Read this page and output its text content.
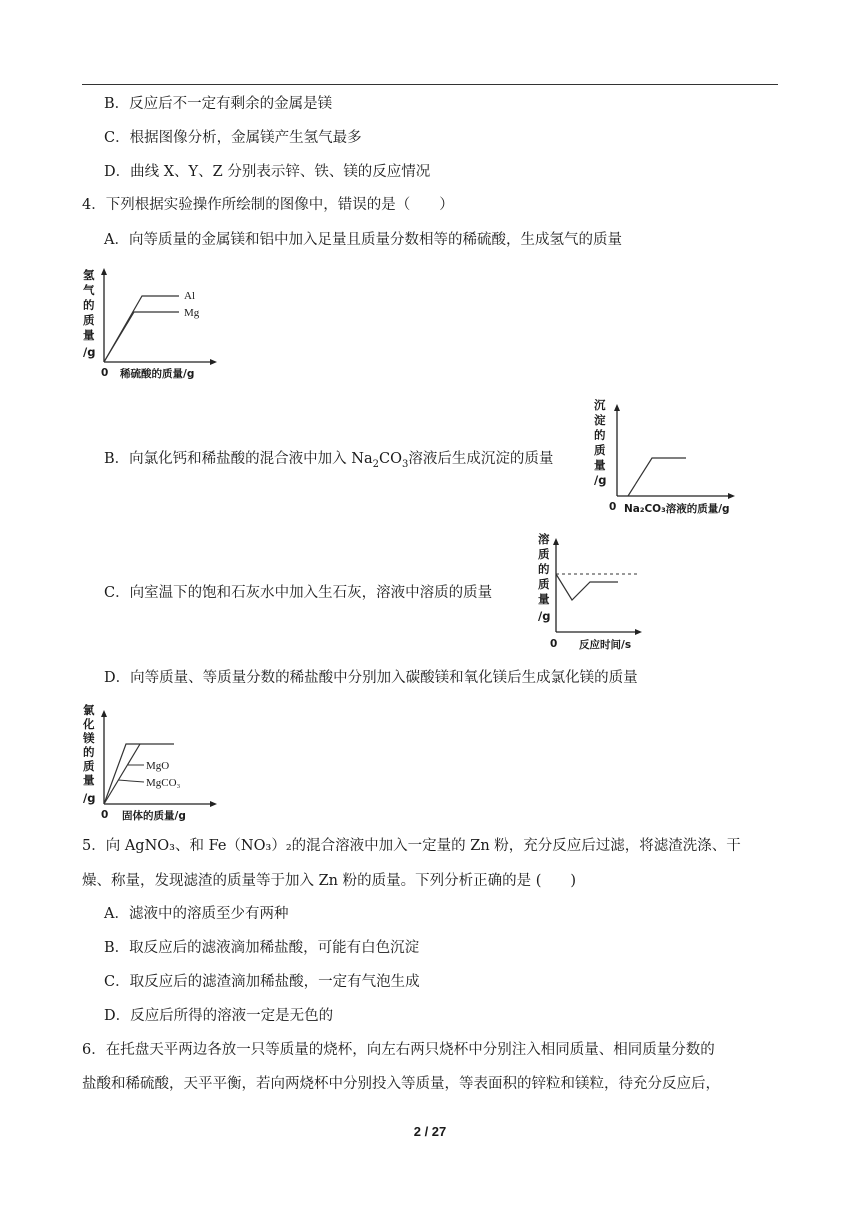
B．反应后不一定有剩余的金属是镁
C．根据图像分析，金属镁产生氢气最多
D．曲线 X、Y、Z 分别表示锌、铁、镁的反应情况
4．下列根据实验操作所绘制的图像中，错误的是（　　）
A．向等质量的金属镁和铝中加入足量且质量分数相等的稀硫酸，生成氢气的质量
氢
气
的
质
量
/g
Al
Mg
0 稀硫酸的质量/g
B．向氯化钙和稀盐酸的混合液中加入 $Na_2CO_3$溶液后生成沉淀的质量
沉
淀
的
质
量
/g
0 Na₂CO₃溶液的质量/g
C．向室温下的饱和石灰水中加入生石灰，溶液中溶质的质量
溶
质
的
质
量
/g
0 反应时间/s
D．向等质量、等质量分数的稀盐酸中分别加入碳酸镁和氧化镁后生成氯化镁的质量
氯
化
镁
的
质
量
/g
MgO
MgCO₃
0 固体的质量/g
5．向 AgNO₃、和 Fe（NO₃）₂的混合溶液中加入一定量的 Zn 粉，充分反应后过滤，将滤渣洗涤、干
燥、称量，发现滤渣的质量等于加入 Zn 粉的质量。下列分析正确的是 (　　)
A．滤液中的溶质至少有两种
B．取反应后的滤液滴加稀盐酸，可能有白色沉淀
C．取反应后的滤渣滴加稀盐酸，一定有气泡生成
D．反应后所得的溶液一定是无色的
6．在托盘天平两边各放一只等质量的烧杯，向左右两只烧杯中分别注入相同质量、相同质量分数的
盐酸和稀硫酸，天平平衡，若向两烧杯中分别投入等质量，等表面积的锌粒和镁粒，待充分反应后，
2 / 27
